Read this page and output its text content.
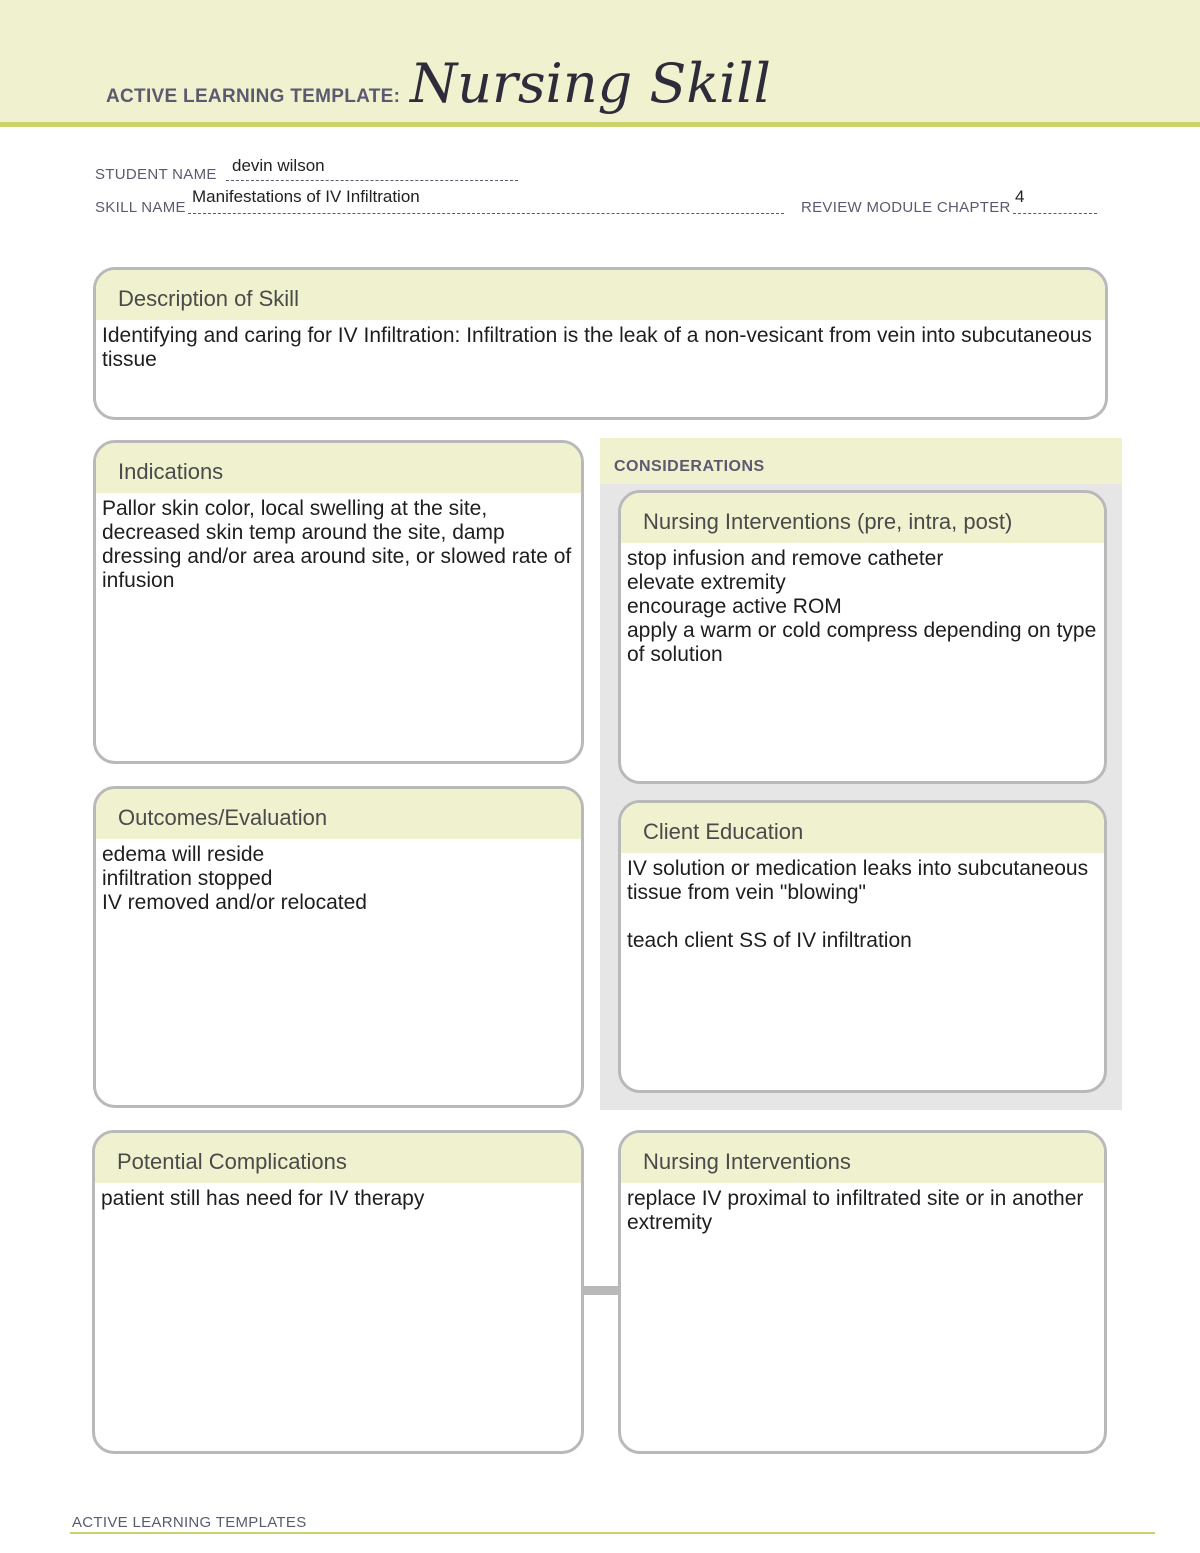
ACTIVE LEARNING TEMPLATE: Nursing Skill
STUDENT NAME devin wilson
SKILL NAME
Manifestations of IV Infiltration
REVIEW MODULE CHAPTER
4
Description of Skill
Identifying and caring for IV Infiltration: Infiltration is the leak of a non-vesicant from vein into subcutaneous tissue
Indications
Pallor skin color, local swelling at the site, decreased skin temp around the site, damp dressing and/or area around site, or slowed rate of infusion
CONSIDERATIONS
Nursing Interventions (pre, intra, post)
stop infusion and remove catheter
elevate extremity
encourage active ROM
apply a warm or cold compress depending on type of solution
Client Education
IV solution or medication leaks into subcutaneous tissue from vein "blowing"

teach client SS of IV infiltration
Outcomes/Evaluation
edema will reside
infiltration stopped
IV removed and/or relocated
Potential Complications
patient still has need for IV therapy
Nursing Interventions
replace IV proximal to infiltrated site or in another extremity
ACTIVE LEARNING TEMPLATES
